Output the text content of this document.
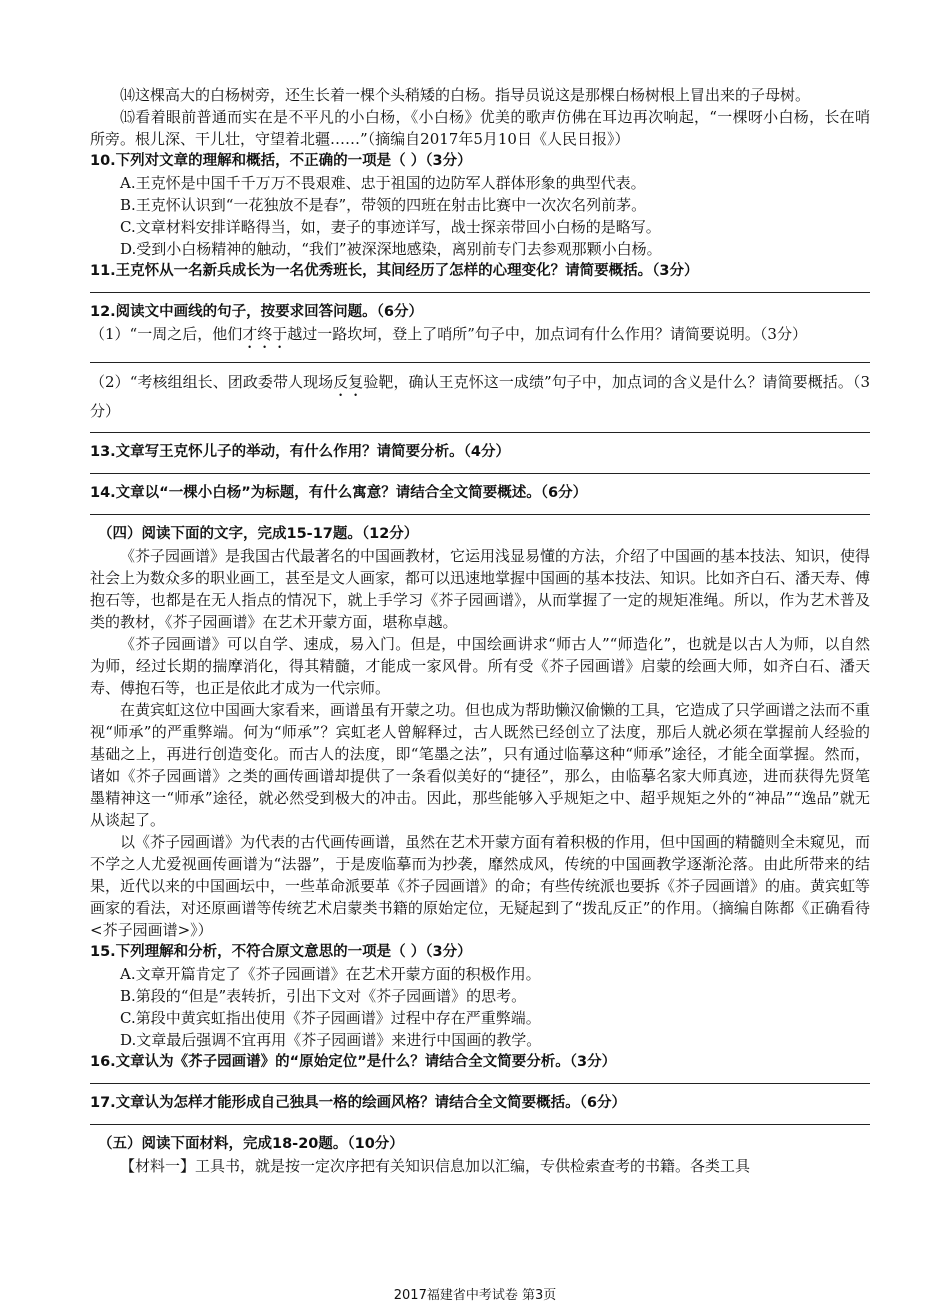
⒁这棵高大的白杨树旁，还生长着一棵个头稍矮的白杨。指导员说这是那棵白杨树根上冒出来的子母树。

⒂看着眼前普通而实在是不平凡的小白杨，《小白杨》优美的歌声仿佛在耳边再次响起，“一棵呀小白杨，长在哨所旁。根儿深、干儿壮，守望着北疆……”（摘编自2017年5月10日《人民日报》）

10.下列对文章的理解和概括，不正确的一项是（ ）（3分）

A.王克怀是中国千千万万不畏艰难、忠于祖国的边防军人群体形象的典型代表。

B.王克怀认识到“一花独放不是春”，带领的四班在射击比赛中一次次名列前茅。

C.文章材料安排详略得当，如，妻子的事迹详写，战士探亲带回小白杨的是略写。

D.受到小白杨精神的触动，“我们”被深深地感染，离别前专门去参观那颗小白杨。

11.王克怀从一名新兵成长为一名优秀班长，其间经历了怎样的心理变化？请简要概括。（3分）

12.阅读文中画线的句子，按要求回答问题。（6分）

（1）“一周之后，他们才终于越过一路坎坷，登上了哨所”句子中，加点词有什么作用？请简要说明。（3分）

（2）“考核组组长、团政委带人现场反复验靶，确认王克怀这一成绩”句子中，加点词的含义是什么？请简要概括。（3分）

13.文章写王克怀儿子的举动，有什么作用？请简要分析。（4分）

14.文章以“一棵小白杨”为标题，有什么寓意？请结合全文简要概述。（6分）

（四）阅读下面的文字，完成15-17题。（12分）

《芥子园画谱》是我国古代最著名的中国画教材，它运用浅显易懂的方法，介绍了中国画的基本技法、知识，使得社会上为数众多的职业画工，甚至是文人画家，都可以迅速地掌握中国画的基本技法、知识。比如齐白石、潘天寿、傅抱石等，也都是在无人指点的情况下，就上手学习《芥子园画谱》，从而掌握了一定的规矩准绳。所以，作为艺术普及类的教材，《芥子园画谱》在艺术开蒙方面，堪称卓越。

《芥子园画谱》可以自学、速成，易入门。但是，中国绘画讲求“师古人”“师造化”，也就是以古人为师，以自然为师，经过长期的揣摩消化，得其精髓，才能成一家风骨。所有受《芥子园画谱》启蒙的绘画大师，如齐白石、潘天寿、傅抱石等，也正是依此才成为一代宗师。

在黄宾虹这位中国画大家看来，画谱虽有开蒙之功。但也成为帮助懒汉偷懒的工具，它造成了只学画谱之法而不重视“师承”的严重弊端。何为“师承”？宾虹老人曾解释过，古人既然已经创立了法度，那后人就必须在掌握前人经验的基础之上，再进行创造变化。而古人的法度，即“笔墨之法”，只有通过临摹这种“师承”途径，才能全面掌握。然而，诸如《芥子园画谱》之类的画传画谱却提供了一条看似美好的“捷径”，那么，由临摹名家大师真迹，进而获得先贤笔墨精神这一“师承”途径，就必然受到极大的冲击。因此，那些能够入乎规矩之中、超乎规矩之外的“神品”“逸品”就无从谈起了。

以《芥子园画谱》为代表的古代画传画谱，虽然在艺术开蒙方面有着积极的作用，但中国画的精髓则全未窥见，而不学之人尤爱视画传画谱为“法器”，于是废临摹而为抄袭，靡然成风，传统的中国画教学逐渐沦落。由此所带来的结果，近代以来的中国画坛中，一些革命派要革《芥子园画谱》的命；有些传统派也要拆《芥子园画谱》的庙。黄宾虹等画家的看法，对还原画谱等传统艺术启蒙类书籍的原始定位，无疑起到了“拨乱反正”的作用。（摘编自陈都《正确看待<芥子园画谱>》）

15.下列理解和分析，不符合原文意思的一项是（ ）（3分）

A.文章开篇肯定了《芥子园画谱》在艺术开蒙方面的积极作用。

B.第段的“但是”表转折，引出下文对《芥子园画谱》的思考。

C.第段中黄宾虹指出使用《芥子园画谱》过程中存在严重弊端。

D.文章最后强调不宜再用《芥子园画谱》来进行中国画的教学。

16.文章认为《芥子园画谱》的“原始定位”是什么？请结合全文简要分析。（3分）

17.文章认为怎样才能形成自己独具一格的绘画风格？请结合全文简要概括。（6分）

（五）阅读下面材料，完成18-20题。（10分）

【材料一】工具书，就是按一定次序把有关知识信息加以汇编，专供检索查考的书籍。各类工具

2017福建省中考试卷 第3页
